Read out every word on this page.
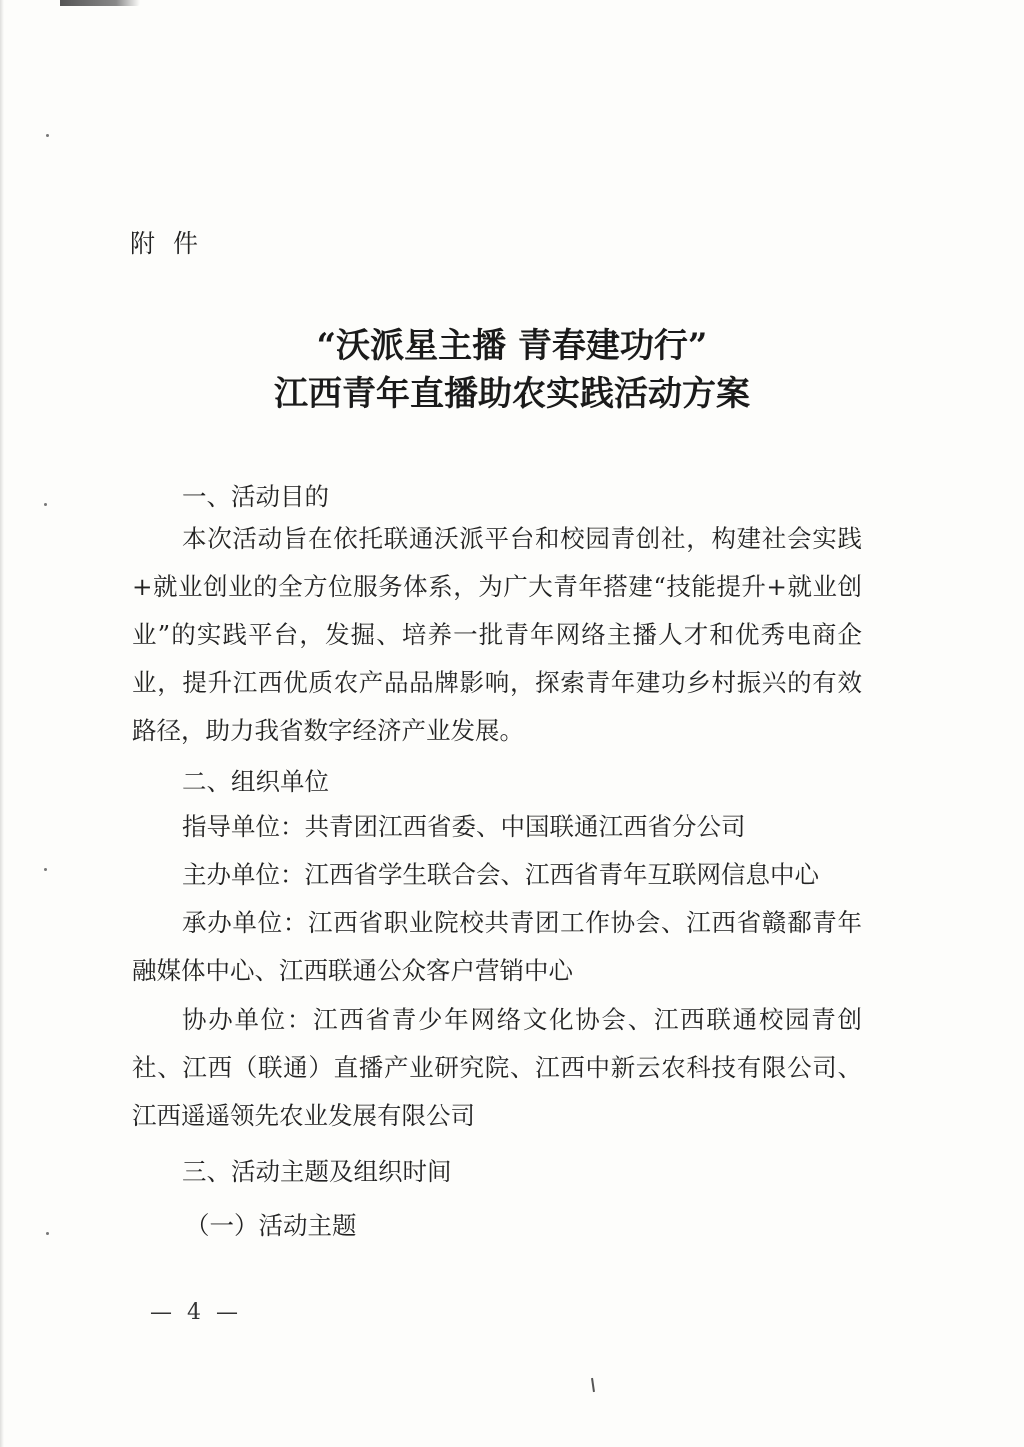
附件
“沃派星主播 青春建功行”
江西青年直播助农实践活动方案
一、活动目的
本次活动旨在依托联通沃派平台和校园青创社，构建社会实践+就业创业的全方位服务体系，为广大青年搭建“技能提升+就业创业”的实践平台，发掘、培养一批青年网络主播人才和优秀电商企业，提升江西优质农产品品牌影响，探索青年建功乡村振兴的有效路径，助力我省数字经济产业发展。
二、组织单位
指导单位：共青团江西省委、中国联通江西省分公司
主办单位：江西省学生联合会、江西省青年互联网信息中心
承办单位：江西省职业院校共青团工作协会、江西省赣鄱青年融媒体中心、江西联通公众客户营销中心
协办单位：江西省青少年网络文化协会、江西联通校园青创社、江西（联通）直播产业研究院、江西中新云农科技有限公司、江西遥遥领先农业发展有限公司
三、活动主题及组织时间
（一）活动主题
— 4 —
